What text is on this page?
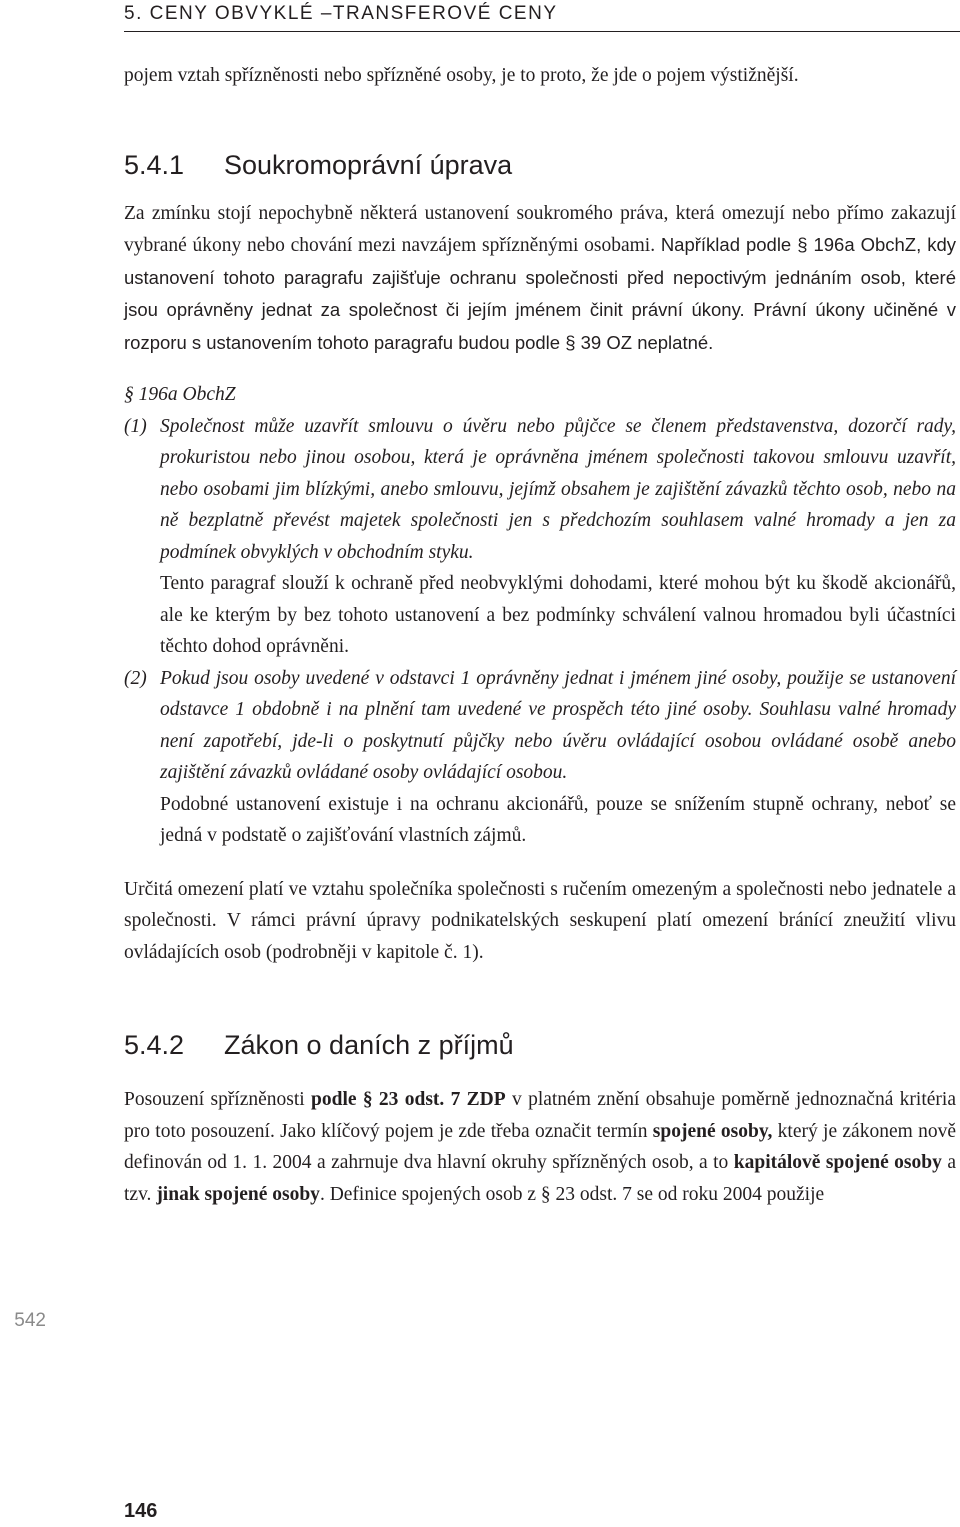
5. CENY OBVYKLÉ –TRANSFEROVÉ CENY

pojem vztah spřízněnosti nebo spřízněné osoby, je to proto, že jde o pojem výstižnější.

5.4.1 Soukromoprávní úprava

Za zmínku stojí nepochybně některá ustanovení soukromého práva, která omezují nebo přímo zakazují vybrané úkony nebo chování mezi navzájem spřízněnými osobami. Například podle § 196a ObchZ, kdy ustanovení tohoto paragrafu zajišťuje ochranu společnosti před nepoctivým jednáním osob, které jsou oprávněny jednat za společnost či jejím jménem činit právní úkony. Právní úkony učiněné v rozporu s ustanovením tohoto paragrafu budou podle § 39 OZ neplatné.

§ 196a ObchZ
(1) Společnost může uzavřít smlouvu o úvěru nebo půjčce se členem představenstva, dozorčí rady, prokuristou nebo jinou osobou, která je oprávněna jménem společnosti takovou smlouvu uzavřít, nebo osobami jim blízkými, anebo smlouvu, jejímž obsahem je zajištění závazků těchto osob, nebo na ně bezplatně převést majetek společnosti jen s předchozím souhlasem valné hromady a jen za podmínek obvyklých v obchodním styku.
Tento paragraf slouží k ochraně před neobvyklými dohodami, které mohou být ku škodě akcionářů, ale ke kterým by bez tohoto ustanovení a bez podmínky schválení valnou hromadou byli účastníci těchto dohod oprávněni.
(2) Pokud jsou osoby uvedené v odstavci 1 oprávněny jednat i jménem jiné osoby, použije se ustanovení odstavce 1 obdobně i na plnění tam uvedené ve prospěch této jiné osoby. Souhlasu valné hromady není zapotřebí, jde-li o poskytnutí půjčky nebo úvěru ovládající osobou ovládané osobě anebo zajištění závazků ovládané osoby ovládající osobou.
Podobné ustanovení existuje i na ochranu akcionářů, pouze se snížením stupně ochrany, neboť se jedná v podstatě o zajišťování vlastních zájmů.

Určitá omezení platí ve vztahu společníka společnosti s ručením omezeným a společnosti nebo jednatele a společnosti. V rámci právní úpravy podnikatelských seskupení platí omezení bránící zneužití vlivu ovládajících osob (podrobněji v kapitole č. 1).

5.4.2 Zákon o daních z příjmů

Posouzení spřízněnosti podle § 23 odst. 7 ZDP v platném znění obsahuje poměrně jednoznačná kritéria pro toto posouzení. Jako klíčový pojem je zde třeba označit termín spojené osoby, který je zákonem nově definován od 1. 1. 2004 a zahrnuje dva hlavní okruhy spřízněných osob, a to kapitálově spojené osoby a tzv. jinak spojené osoby. Definice spojených osob z § 23 odst. 7 se od roku 2004 použije

542
146
